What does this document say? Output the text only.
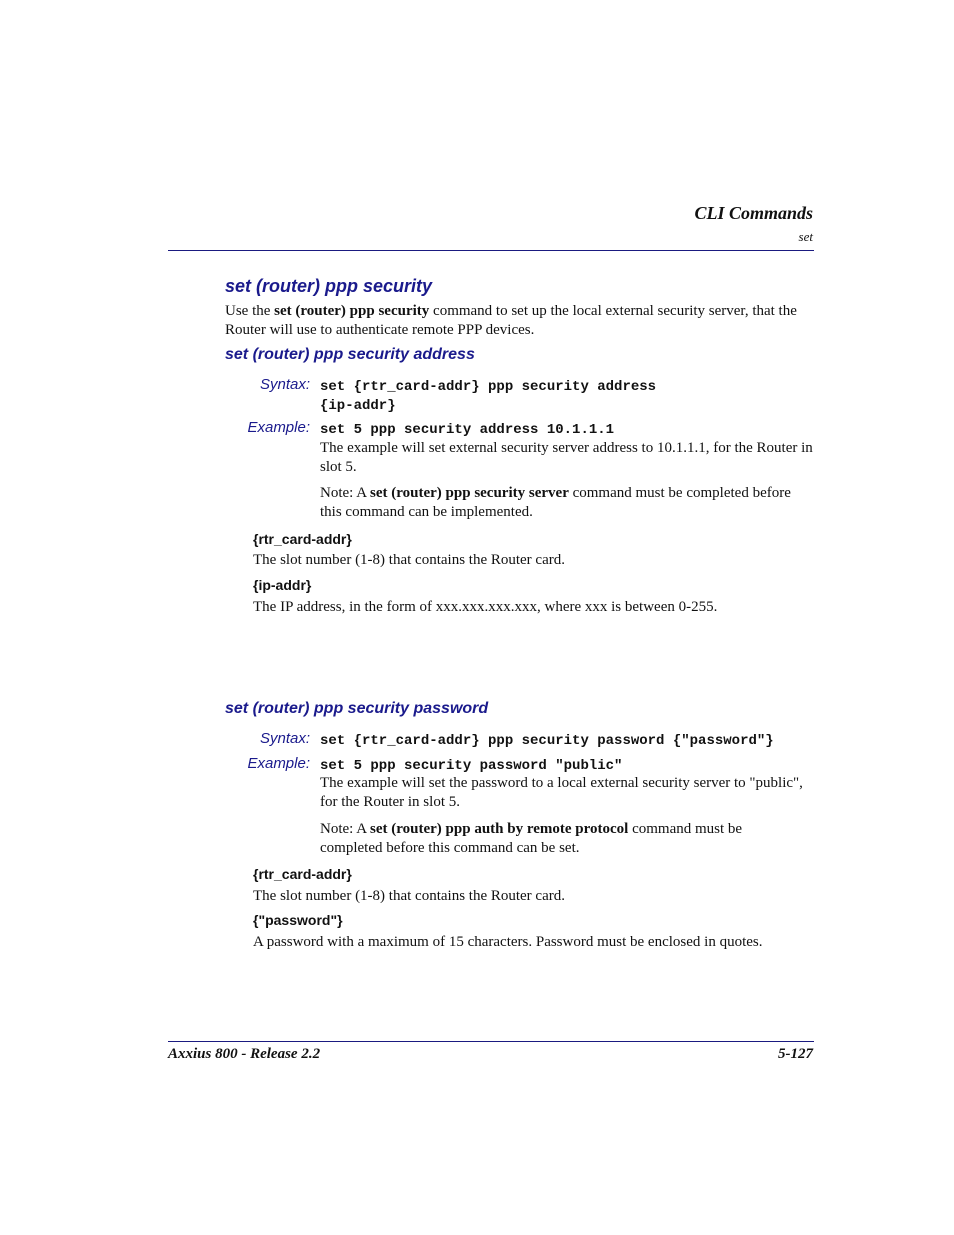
CLI Commands
set
set (router) ppp security
Use the set (router) ppp security command to set up the local external security server, that the Router will use to authenticate remote PPP devices.
set (router) ppp security address
Syntax: set {rtr_card-addr} ppp security address
{ip-addr}
Example: set 5 ppp security address 10.1.1.1
The example will set external security server address to 10.1.1.1, for the Router in slot 5.
Note: A set (router) ppp security server command must be completed before this command can be implemented.
{rtr_card-addr}
The slot number (1-8) that contains the Router card.
{ip-addr}
The IP address, in the form of xxx.xxx.xxx.xxx, where xxx is between 0-255.
set (router) ppp security password
Syntax: set {rtr_card-addr} ppp security password {"password"}
Example: set 5 ppp security password "public"
The example will set the password to a local external security server to "public", for the Router in slot 5.
Note: A set (router) ppp auth by remote protocol command must be completed before this command can be set.
{rtr_card-addr}
The slot number (1-8) that contains the Router card.
{"password"}
A password with a maximum of 15 characters. Password must be enclosed in quotes.
Axxius 800 - Release 2.2	5-127
